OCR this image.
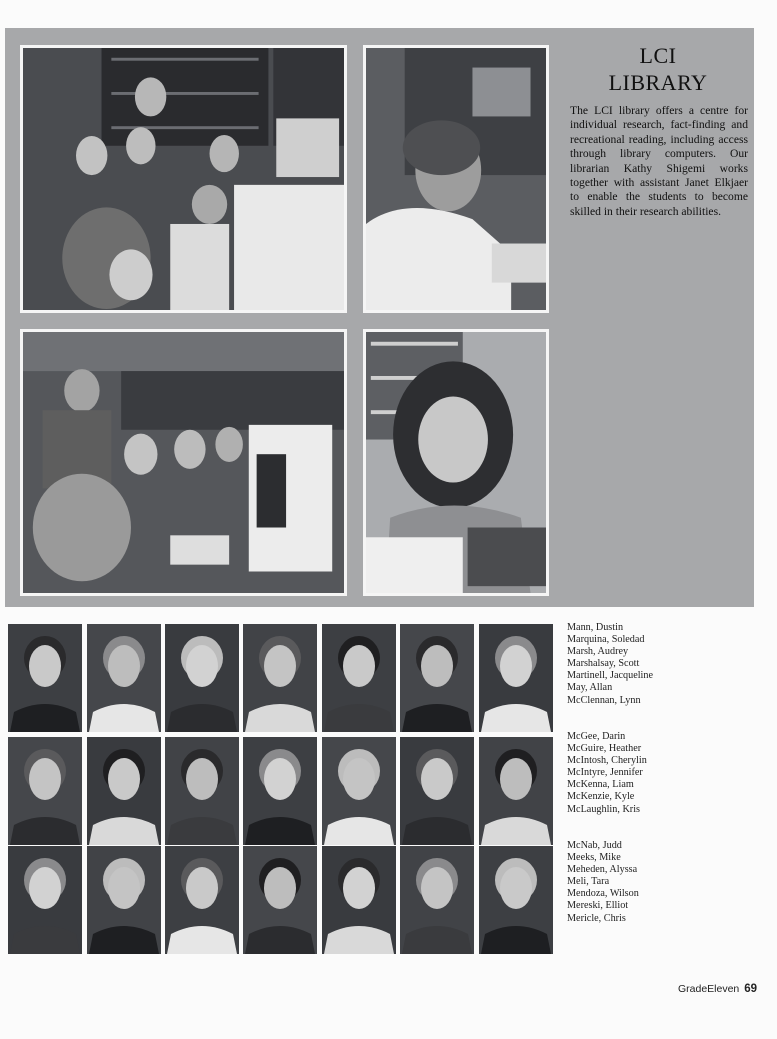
LCI
LIBRARY
The LCI library offers a centre for individual research, fact-finding and recreational reading, including access through library computers. Our librarian Kathy Shigemi works together with assistant Janet Elkjaer to enable the students to become skilled in their research abilities.
Mann, Dustin
Marquina, Soledad
Marsh, Audrey
Marshalsay, Scott
Martinell, Jacqueline
May, Allan
McClennan, Lynn
McGee, Darin
McGuire, Heather
McIntosh, Cherylin
McIntyre, Jennifer
McKenna, Liam
McKenzie, Kyle
McLaughlin, Kris
McNab, Judd
Meeks, Mike
Meheden, Alyssa
Meli, Tara
Mendoza, Wilson
Mereski, Elliot
Mericle, Chris
GradeEleven 69
